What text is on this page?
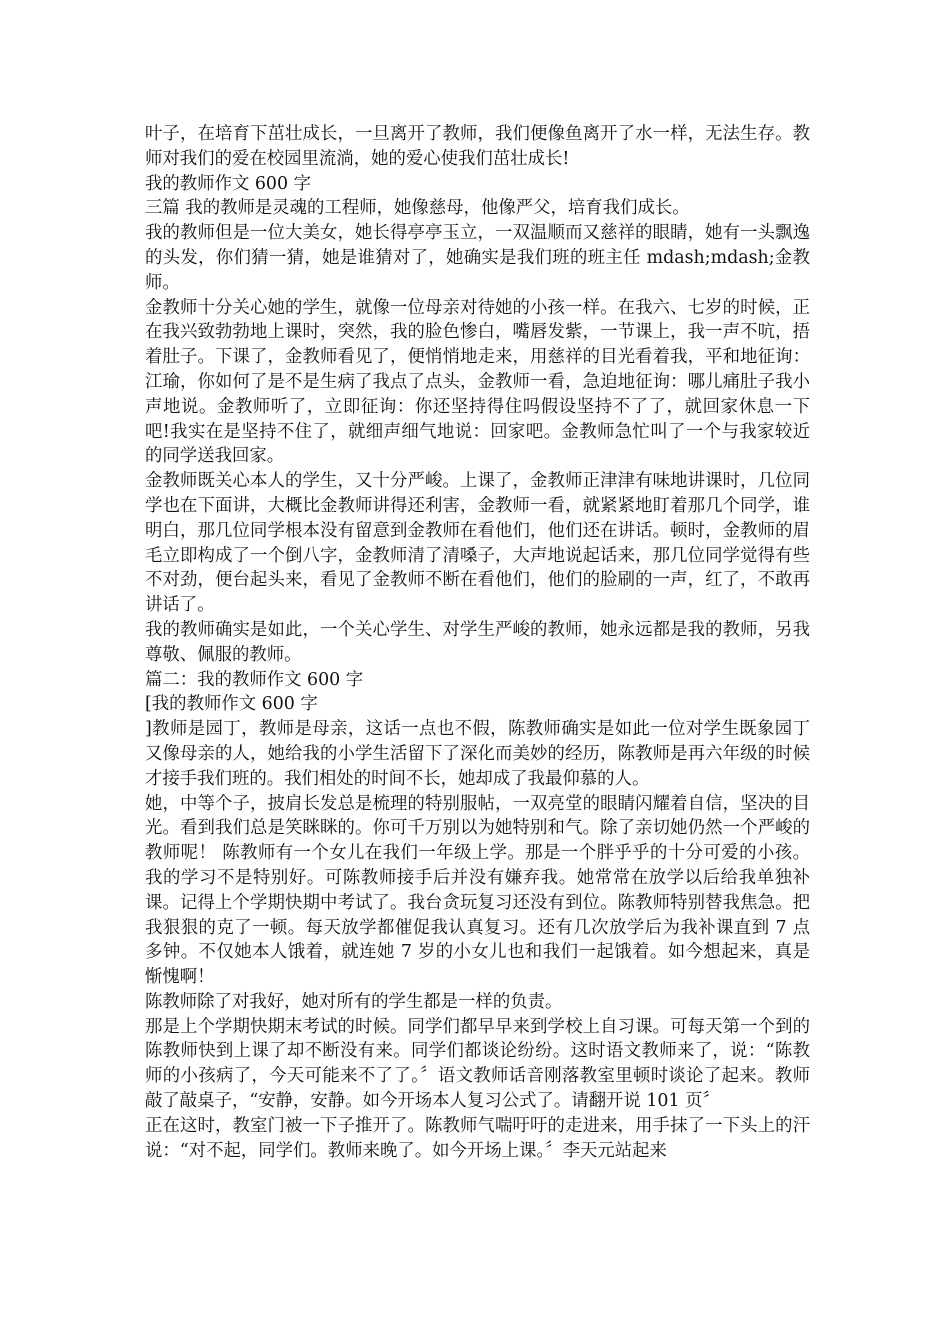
叶子，在培育下茁壮成长，一旦离开了教师，我们便像鱼离开了水一样，无法生存。教师对我们的爱在校园里流淌，她的爱心使我们茁壮成长!

我的教师作文 600 字

三篇 我的教师是灵魂的工程师，她像慈母，他像严父，培育我们成长。

我的教师但是一位大美女，她长得亭亭玉立，一双温顺而又慈祥的眼睛，她有一头飘逸的头发，你们猜一猜，她是谁猜对了，她确实是我们班的班主任 mdash;mdash;金教师。

金教师十分关心她的学生，就像一位母亲对待她的小孩一样。在我六、七岁的时候，正在我兴致勃勃地上课时，突然，我的脸色惨白，嘴唇发紫，一节课上，我一声不吭，捂着肚子。下课了，金教师看见了，便悄悄地走来，用慈祥的目光看着我，平和地征询：江瑜，你如何了是不是生病了我点了点头，金教师一看，急迫地征询：哪儿痛肚子我小声地说。金教师听了，立即征询：你还坚持得住吗假设坚持不了了，就回家休息一下吧!我实在是坚持不住了，就细声细气地说：回家吧。金教师急忙叫了一个与我家较近的同学送我回家。

金教师既关心本人的学生，又十分严峻。上课了，金教师正津津有味地讲课时，几位同学也在下面讲，大概比金教师讲得还利害，金教师一看，就紧紧地盯着那几个同学，谁明白，那几位同学根本没有留意到金教师在看他们，他们还在讲话。顿时，金教师的眉毛立即构成了一个倒八字，金教师清了清嗓子，大声地说起话来，那几位同学觉得有些不对劲，便台起头来，看见了金教师不断在看他们，他们的脸刷的一声，红了，不敢再讲话了。

我的教师确实是如此，一个关心学生、对学生严峻的教师，她永远都是我的教师，另我尊敬、佩服的教师。

篇二：我的教师作文 600 字

[我的教师作文 600 字

]教师是园丁，教师是母亲，这话一点也不假，陈教师确实是如此一位对学生既象园丁又像母亲的人，她给我的小学生活留下了深化而美妙的经历，陈教师是再六年级的时候才接手我们班的。我们相处的时间不长，她却成了我最仰慕的人。

她，中等个子，披肩长发总是梳理的特别服帖，一双亮堂的眼睛闪耀着自信，坚决的目光。看到我们总是笑眯眯的。你可千万别以为她特别和气。除了亲切她仍然一个严峻的教师呢！ 陈教师有一个女儿在我们一年级上学。那是一个胖乎乎的十分可爱的小孩。 我的学习不是特别好。可陈教师接手后并没有嫌弃我。她常常在放学以后给我单独补课。记得上个学期快期中考试了。我台贪玩复习还没有到位。陈教师特别替我焦急。把我狠狠的克了一顿。每天放学都催促我认真复习。还有几次放学后为我补课直到 7 点多钟。不仅她本人饿着，就连她 7 岁的小女儿也和我们一起饿着。如今想起来，真是惭愧啊！

陈教师除了对我好，她对所有的学生都是一样的负责。

那是上个学期快期末考试的时候。同学们都早早来到学校上自习课。可每天第一个到的陈教师快到上课了却不断没有来。同学们都谈论纷纷。这时语文教师来了，说：“陈教师的小孩病了，今天可能来不了了。〞语文教师话音刚落教室里顿时谈论了起来。教师敲了敲桌子，“安静，安静。如今开场本人复习公式了。请翻开说 101 页〞

正在这时，教室门被一下子推开了。陈教师气喘吁吁的走进来，用手抹了一下头上的汗说：“对不起，同学们。教师来晚了。如今开场上课。〞李天元站起来
